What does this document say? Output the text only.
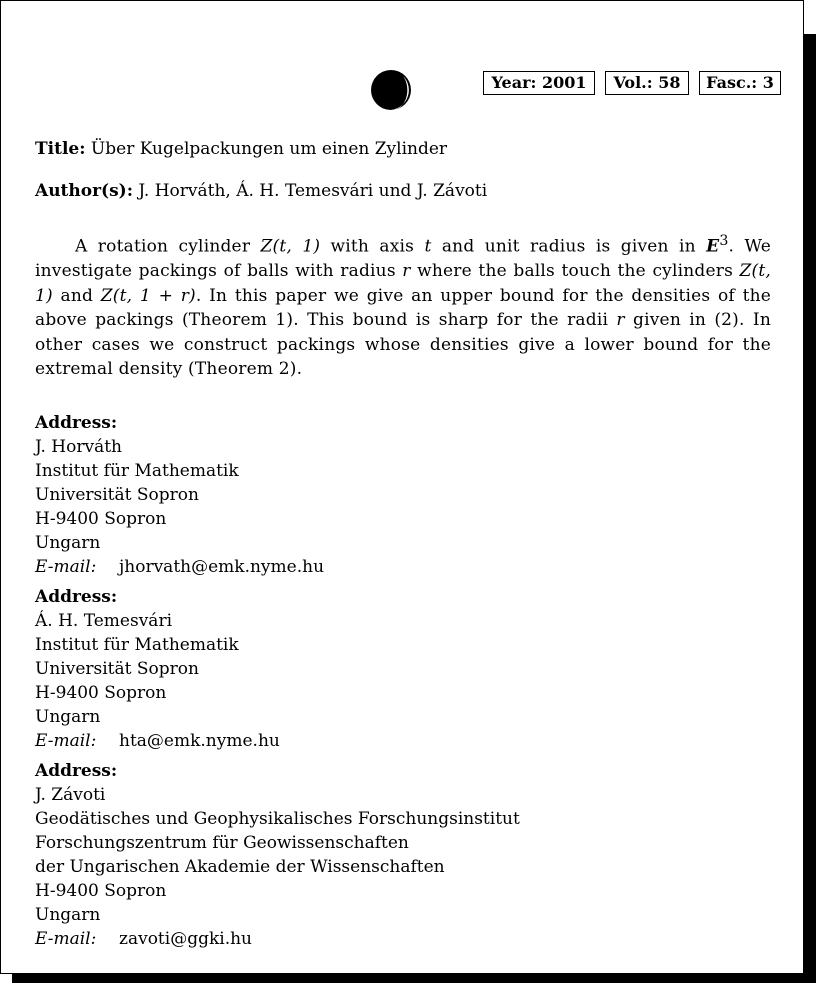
Year: 2001	Vol.: 58	Fasc.: 3
Title: Über Kugelpackungen um einen Zylinder
Author(s): J. Horváth, Á. H. Temesvári und J. Závoti
A rotation cylinder Z(t, 1) with axis t and unit radius is given in $E^3$. We investigate packings of balls with radius r where the balls touch the cylinders Z(t, 1) and Z(t, 1 + r). In this paper we give an upper bound for the densities of the above packings (Theorem 1). This bound is sharp for the radii r given in (2). In other cases we construct packings whose densities give a lower bound for the extremal density (Theorem 2).
Address:
J. Horváth
Institut für Mathematik
Universität Sopron
H-9400 Sopron
Ungarn
E-mail: jhorvath@emk.nyme.hu
Address:
Á. H. Temesvári
Institut für Mathematik
Universität Sopron
H-9400 Sopron
Ungarn
E-mail: hta@emk.nyme.hu
Address:
J. Závoti
Geodätisches und Geophysikalisches Forschungsinstitut
Forschungszentrum für Geowissenschaften
der Ungarischen Akademie der Wissenschaften
H-9400 Sopron
Ungarn
E-mail: zavoti@ggki.hu
